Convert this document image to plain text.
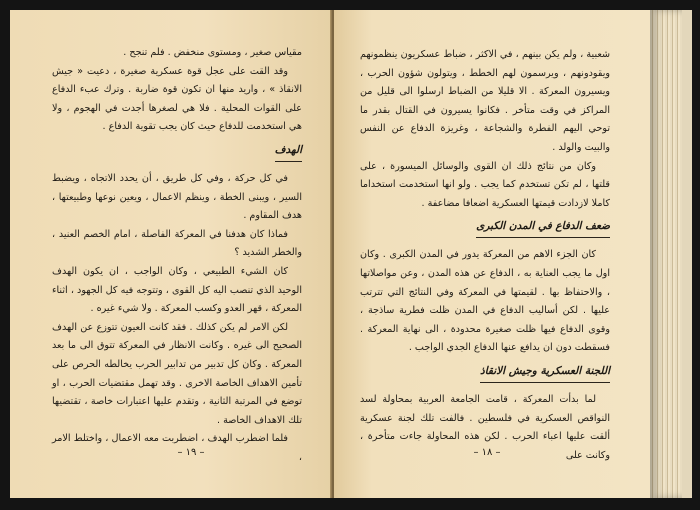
مقياس صغير ، ومستوى منخفض . فلم تنجح .

وقد القت على عجل قوة عسكرية صغيرة ، دعيت « جيش الانقاذ » ، واريد منها ان تكون قوة ضاربة . وترك عبء الدفاع على القوات المحلية . فلا هي لصغرها أجدت في الهجوم ، ولا هي استخدمت للدفاع حيث كان يجب تقوية الدفاع .

الهدف

في كل حركة ، وفي كل طريق ، أن يحدد الاتجاه ، ويضبط السير ، ويبنى الخطة ، وينظم الاعمال ، ويعين نوعها وطبيعتها ، هدف المقاوم .

فماذا كان هدفنا في المعركة الفاصلة ، امام الخصم العنيد ، والخطر الشديد ؟

كان الشيء الطبيعي ، وكان الواجب ، ان يكون الهدف الوحيد الذي تنصب اليه كل القوى ، وتتوجه فيه كل الجهود ، اثناء المعركة ، قهر العدو وكسب المعركة . ولا شيء غيره .

لكن الامر لم يكن كذلك . فقد كانت العيون تتوزع عن الهدف الصحيح الى غيره . وكانت الانظار في المعركة تتوق الى ما بعد المعركة . وكان كل تدبير من تدابير الحرب يخالطه الحرص على تأمين الاهداف الخاصة الاخرى . وقد تهمل مقتضيات الحرب ، او توضع في المرتبة الثانية ، وتقدم عليها اعتبارات خاصة ، تقتضيها تلك الاهداف الخاصة .

فلما اضطرب الهدف ، اضطربت معه الاعمال ، واختلط الامر ،

– ١٩ –

شعبية ، ولم يكن بينهم ، في الاكثر ، ضباط عسكريون ينظمونهم ويقودونهم ، ويرسمون لهم الخطط ، ويتولون شؤون الحرب ، ويسيرون المعركة . الا قليلا من الضباط ارسلوا الى قليل من المراكز في وقت متأخر . فكانوا يسيرون في القتال بقدر ما توحي اليهم الفطرة والشجاعة ، وغريزة الدفاع عن النفس والبيت والولد .

وكان من نتائج ذلك ان القوى والوسائل الميسورة ، على قلتها ، لم تكن تستخدم كما يجب . ولو انها استخدمت استخداما كاملا لازدادت قيمتها العسكرية اضعافا مضاعفة .

ضعف الدفاع في المدن الكبرى

كان الجزء الاهم من المعركة يدور في المدن الكبرى . وكان اول ما يجب العناية به ، الدفاع عن هذه المدن ، وعن مواصلاتها ، والاحتفاظ بها . لقيمتها في المعركة وفي النتائج التي تترتب عليها . لكن أساليب الدفاع في المدن ظلت فطرية ساذجة ، وقوى الدفاع فيها ظلت صغيرة محدودة ، الى نهاية المعركة . فسقطت دون ان يدافع عنها الدفاع الجدي الواجب .

اللجنة العسكرية وجيش الانقاذ

لما بدأت المعركة ، قامت الجامعة العربية بمحاولة لسد النواقص العسكرية في فلسطين . فالفت تلك لجنة عسكرية ألقت عليها اعباء الحرب . لكن هذه المحاولة جاءت متأخرة ، وكانت على

– ١٨ –
